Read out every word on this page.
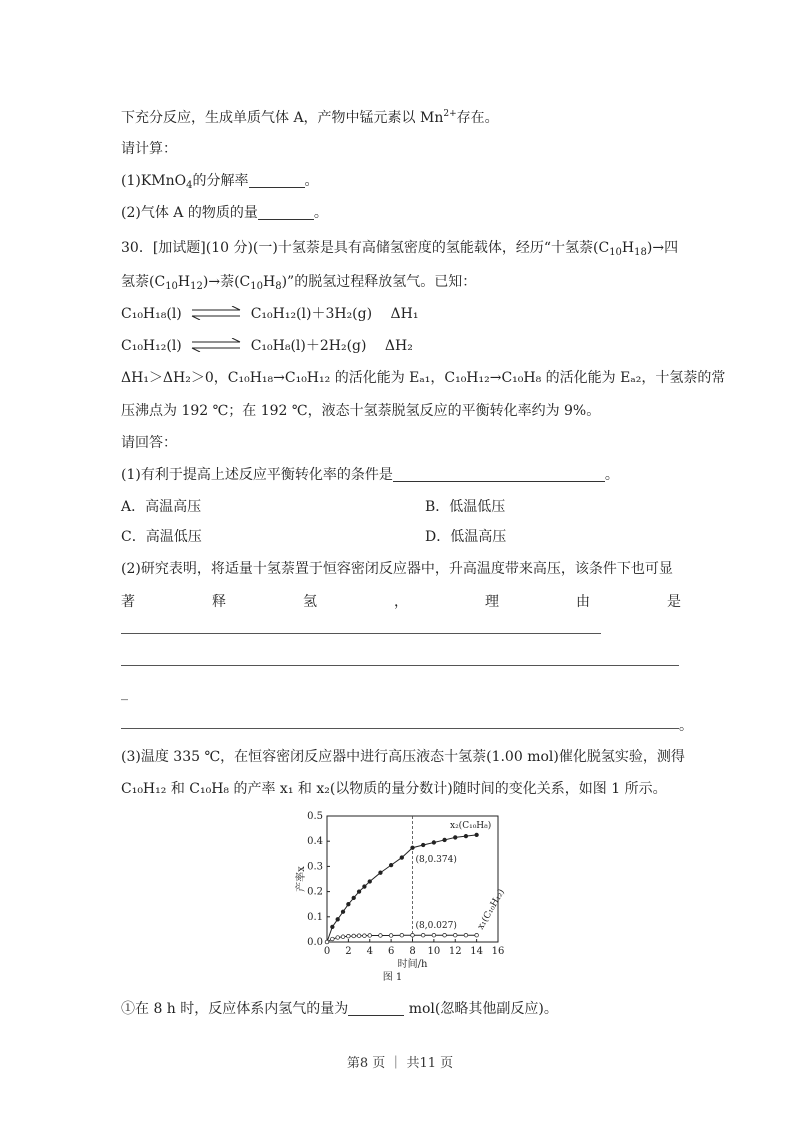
下充分反应，生成单质气体 A，产物中锰元素以 $Mn^{2+}$存在。
请计算：
(1)KMnO$_4$的分解率	。
(2)气体 A 的物质的量	。
30．[加试题](10 分)(一)十氢萘是具有高储氢密度的氢能载体，经历“十氢萘$(C_{10}H_{18})\to$四
氢萘$(C_{10}H_{12})\to$萘$(C_{10}H_8)$”的脱氢过程释放氢气。已知：
C₁₀H₁₈(l) ⇌ C₁₀H₁₂(l)＋3H₂(g) ΔH₁
C₁₀H₁₂(l) ⇌ C₁₀H₈(l)＋2H₂(g) ΔH₂
ΔH₁＞ΔH₂＞0，C₁₀H₁₈→C₁₀H₁₂ 的活化能为 Eₐ₁，C₁₀H₁₂→C₁₀H₈ 的活化能为 Eₐ₂，十氢萘的常
压沸点为 192 ℃；在 192 ℃，液态十氢萘脱氢反应的平衡转化率约为 9%。
请回答：
(1)有利于提高上述反应平衡转化率的条件是	。
A．高温高压	B．低温低压
C．高温低压	D．低温高压
(2)研究表明，将适量十氢萘置于恒容密闭反应器中，升高温度带来高压，该条件下也可显
著	释	氢	，	理	由	是
_
。
(3)温度 335 ℃，在恒容密闭反应器中进行高压液态十氢萘(1.00 mol)催化脱氢实验，测得
C₁₀H₁₂ 和 C₁₀H₈ 的产率 x₁ 和 x₂(以物质的量分数计)随时间的变化关系，如图 1 所示。
0 2 4 6 8 10 12 14 16
0.0
0.1
0.2
0.3
0.4
0.5
x₂(C₁₀H₈)
x₁(C₁₀H₁₂)
(8,0.374)
(8,0.027)
时间/h
产率x
图 1
①在 8 h 时，反应体系内氢气的量为	mol(忽略其他副反应)。
第8 页 ｜ 共11 页
